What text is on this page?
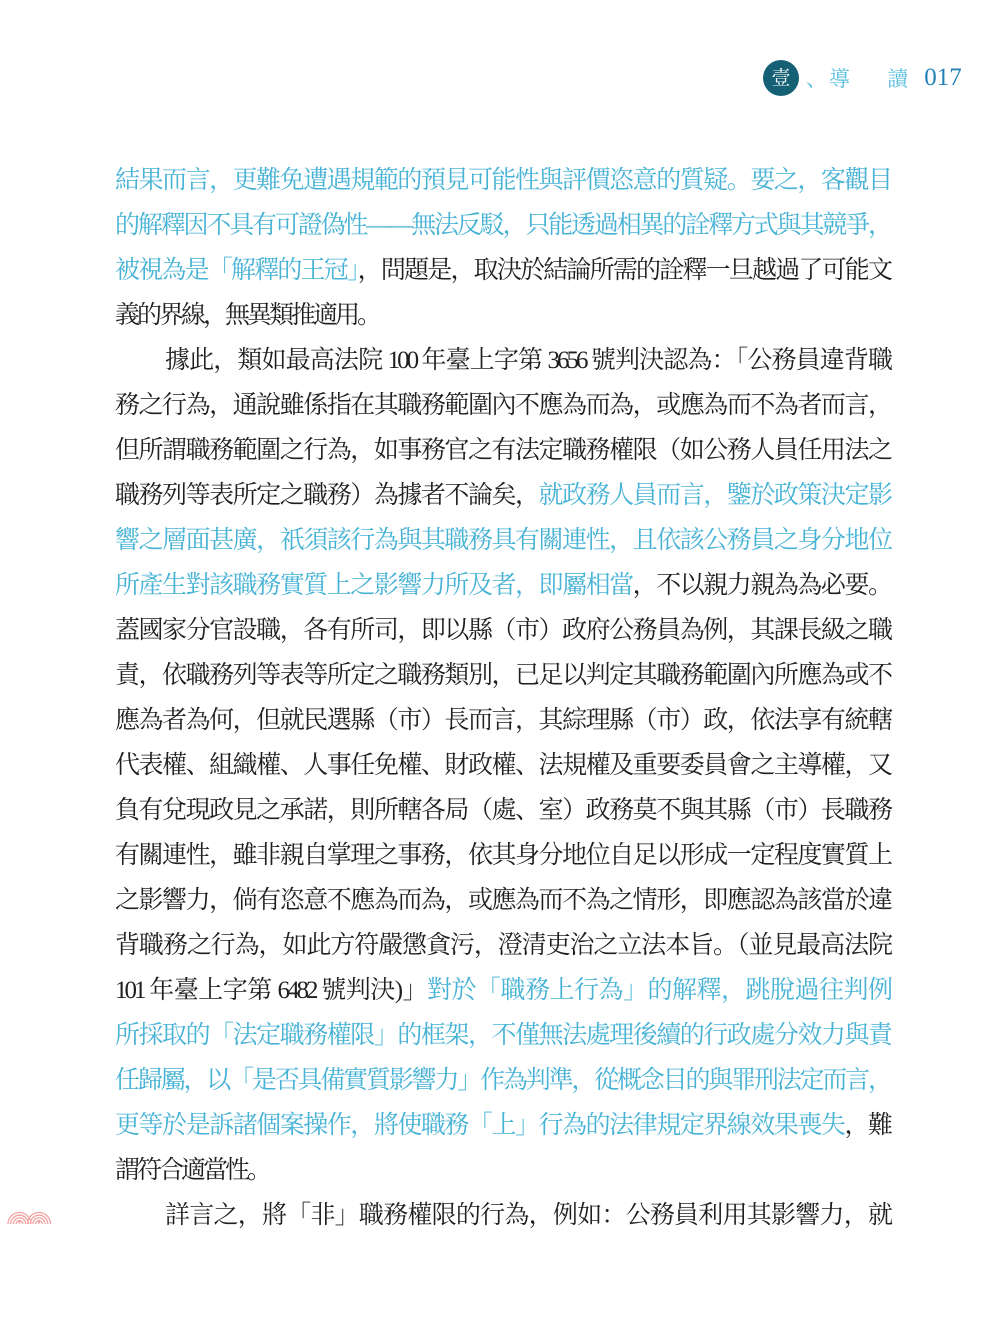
壹 、 導 讀 017
結果而言，更難免遭遇規範的預見可能性與評價恣意的質疑。要之，客觀目
的解釋因不具有可證偽性——無法反駁，只能透過相異的詮釋方式與其競爭，
被視為是「解釋的王冠」，問題是，取決於結論所需的詮釋一旦越過了可能文
義的界線，無異類推適用。
據此，類如最高法院 100 年臺上字第 3656 號判決認為：「公務員違背職
務之行為，通說雖係指在其職務範圍內不應為而為，或應為而不為者而言，
但所謂職務範圍之行為，如事務官之有法定職務權限（如公務人員任用法之
職務列等表所定之職務）為據者不論矣，就政務人員而言，鑒於政策決定影
響之層面甚廣，祇須該行為與其職務具有關連性，且依該公務員之身分地位
所產生對該職務實質上之影響力所及者，即屬相當，不以親力親為為必要。
蓋國家分官設職，各有所司，即以縣（市）政府公務員為例，其課長級之職
責，依職務列等表等所定之職務類別，已足以判定其職務範圍內所應為或不
應為者為何，但就民選縣（市）長而言，其綜理縣（市）政，依法享有統轄
代表權、組織權、人事任免權、財政權、法規權及重要委員會之主導權，又
負有兌現政見之承諾，則所轄各局（處、室）政務莫不與其縣（市）長職務
有關連性，雖非親自掌理之事務，依其身分地位自足以形成一定程度實質上
之影響力，倘有恣意不應為而為，或應為而不為之情形，即應認為該當於違
背職務之行為，如此方符嚴懲貪污，澄清吏治之立法本旨。（並見最高法院
101 年臺上字第 6482 號判決)」對於「職務上行為」的解釋，跳脫過往判例
所採取的「法定職務權限」的框架，不僅無法處理後續的行政處分效力與責
任歸屬，以「是否具備實質影響力」作為判準，從概念目的與罪刑法定而言，
更等於是訴諸個案操作，將使職務「上」行為的法律規定界線效果喪失，難
謂符合適當性。
詳言之，將「非」職務權限的行為，例如：公務員利用其影響力，就
